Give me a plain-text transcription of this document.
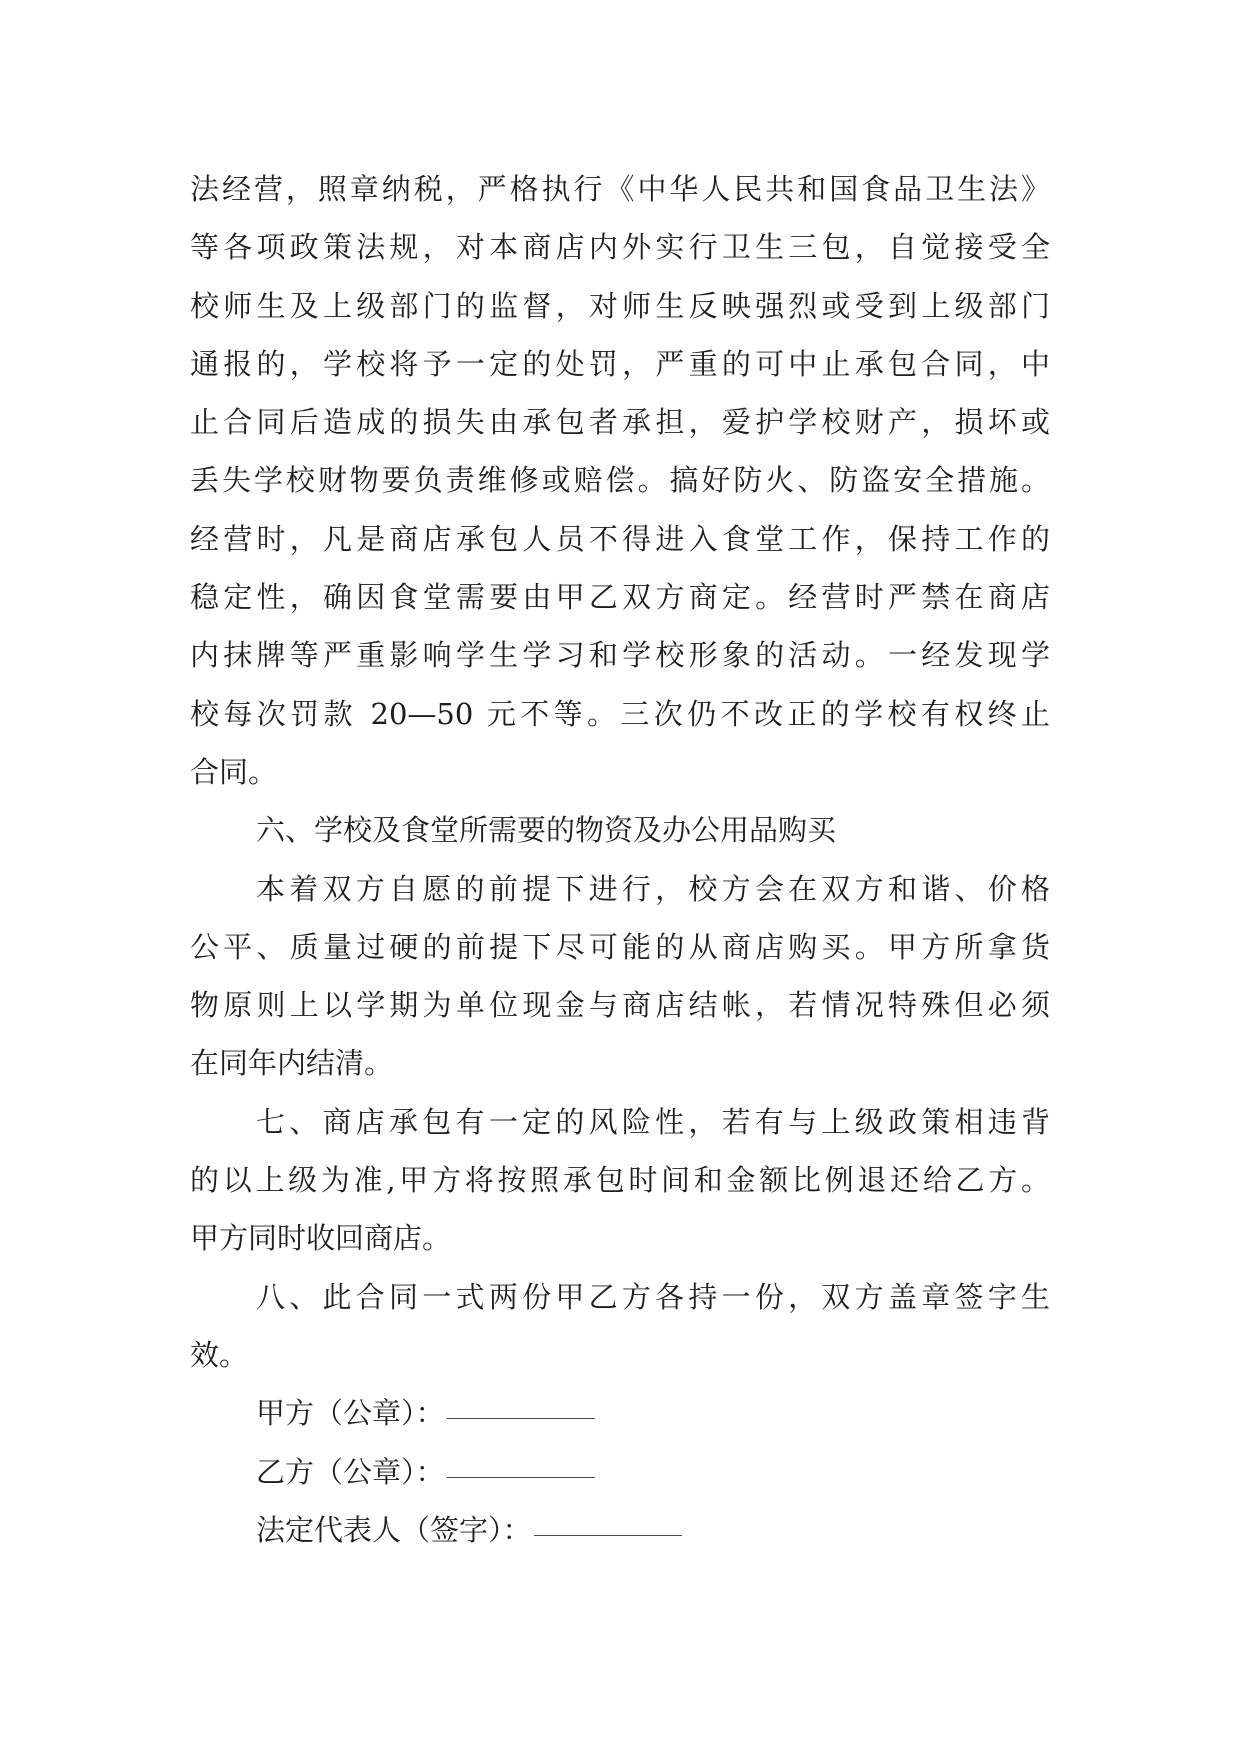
法经营，照章纳税，严格执行《中华人民共和国食品卫生法》
等各项政策法规，对本商店内外实行卫生三包，自觉接受全
校师生及上级部门的监督，对师生反映强烈或受到上级部门
通报的，学校将予一定的处罚，严重的可中止承包合同，中
止合同后造成的损失由承包者承担，爱护学校财产，损坏或
丢失学校财物要负责维修或赔偿。搞好防火、防盗安全措施。
经营时，凡是商店承包人员不得进入食堂工作，保持工作的
稳定性，确因食堂需要由甲乙双方商定。经营时严禁在商店
内抹牌等严重影响学生学习和学校形象的活动。一经发现学
校每次罚款 20—50 元不等。三次仍不改正的学校有权终止
合同。
六、学校及食堂所需要的物资及办公用品购买
本着双方自愿的前提下进行，校方会在双方和谐、价格
公平、质量过硬的前提下尽可能的从商店购买。甲方所拿货
物原则上以学期为单位现金与商店结帐，若情况特殊但必须
在同年内结清。
七、商店承包有一定的风险性，若有与上级政策相违背
的以上级为准,甲方将按照承包时间和金额比例退还给乙方。
甲方同时收回商店。
八、此合同一式两份甲乙方各持一份，双方盖章签字生
效。
甲方（公章）：
乙方（公章）：
法定代表人（签字）：
